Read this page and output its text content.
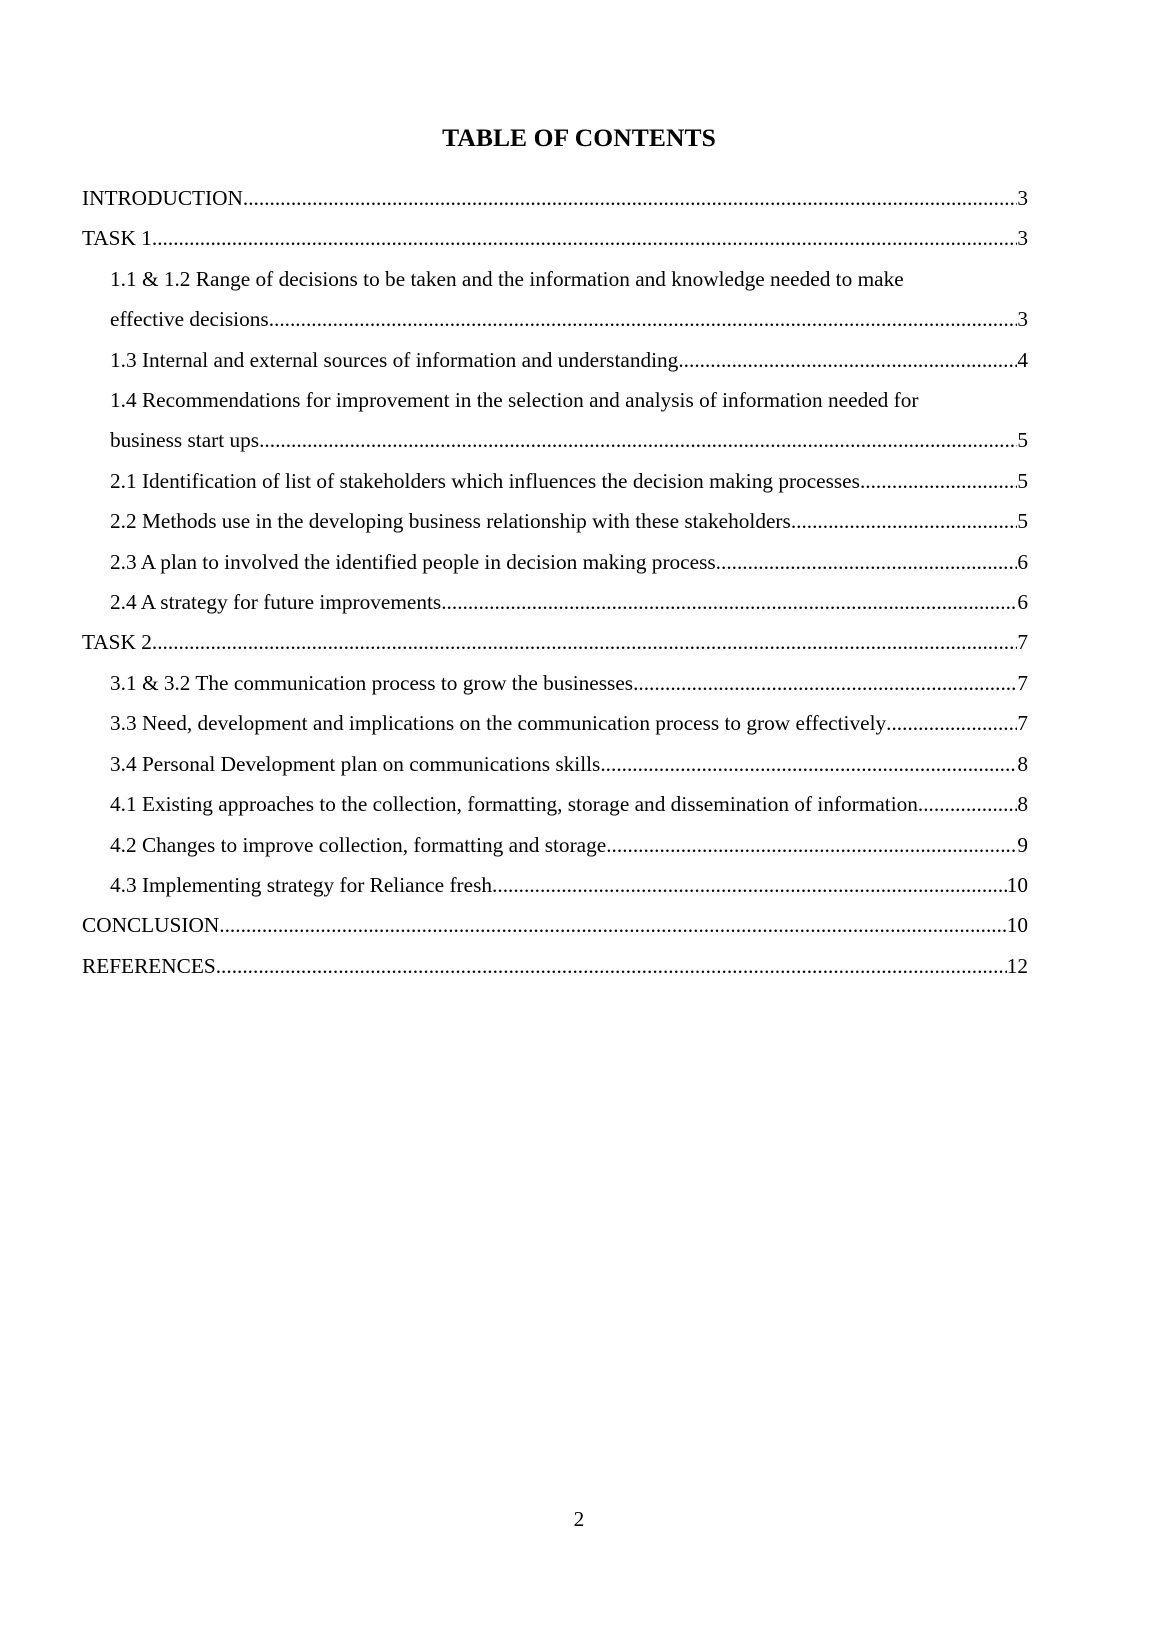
TABLE OF CONTENTS
INTRODUCTION .....	3
TASK 1 .....	3
1.1 & 1.2 Range of decisions to be taken and the information and knowledge needed to make
effective decisions .....	3
1.3 Internal and external sources of information and understanding .....	4
1.4 Recommendations for improvement in the selection and analysis of information needed for
business start ups .....	5
2.1 Identification of list of stakeholders which influences the decision making processes .....	5
2.2 Methods use in the developing business relationship with these stakeholders .....	5
2.3 A plan to involved the identified people in decision making process .....	6
2.4 A strategy for future improvements .....	6
TASK 2 .....	7
3.1 & 3.2 The communication process to grow the businesses .....	7
3.3 Need, development and implications on the communication process to grow effectively .....	7
3.4 Personal Development plan on communications skills .....	8
4.1 Existing approaches to the collection, formatting, storage and dissemination of information. .....	8
4.2 Changes to improve collection, formatting and storage .....	9
4.3 Implementing strategy for Reliance fresh .....	10
CONCLUSION .....	10
REFERENCES .....	12
2
